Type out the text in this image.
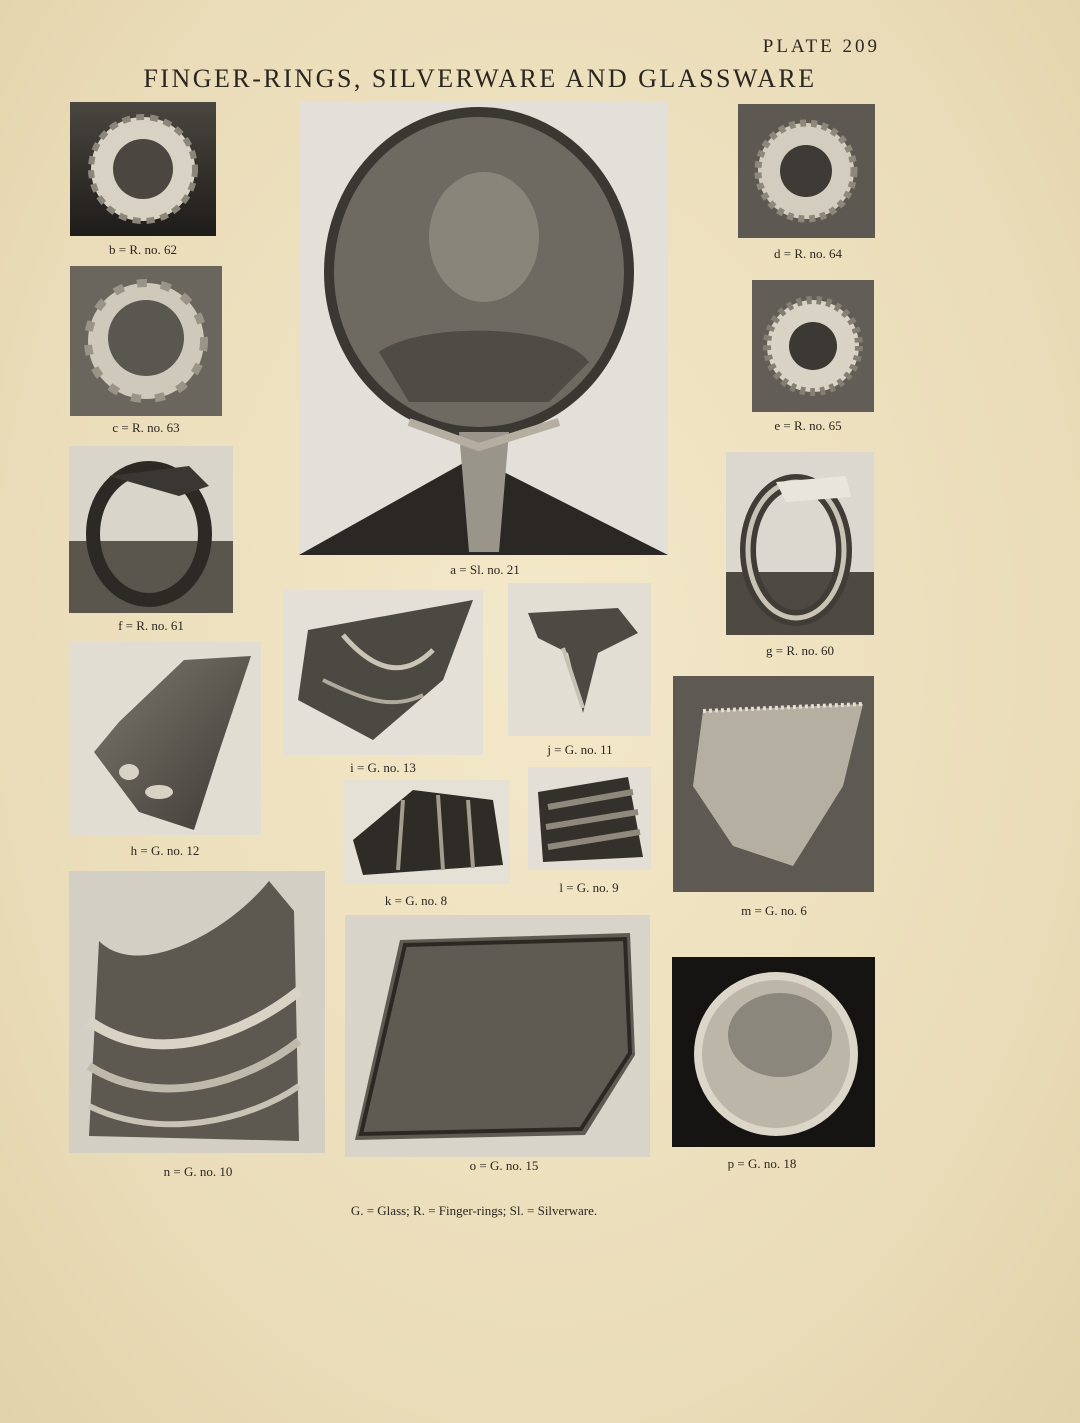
PLATE 209
FINGER-RINGS, SILVERWARE AND GLASSWARE
b = R. no. 62
c = R. no. 63
f = R. no. 61
h = G. no. 12
n = G. no. 10
a = Sl. no. 21
i = G. no. 13
j = G. no. 11
k = G. no. 8
l = G. no. 9
o = G. no. 15
d = R. no. 64
e = R. no. 65
g = R. no. 60
m = G. no. 6
p = G. no. 18
G. = Glass; R. = Finger-rings; Sl. = Silverware.
